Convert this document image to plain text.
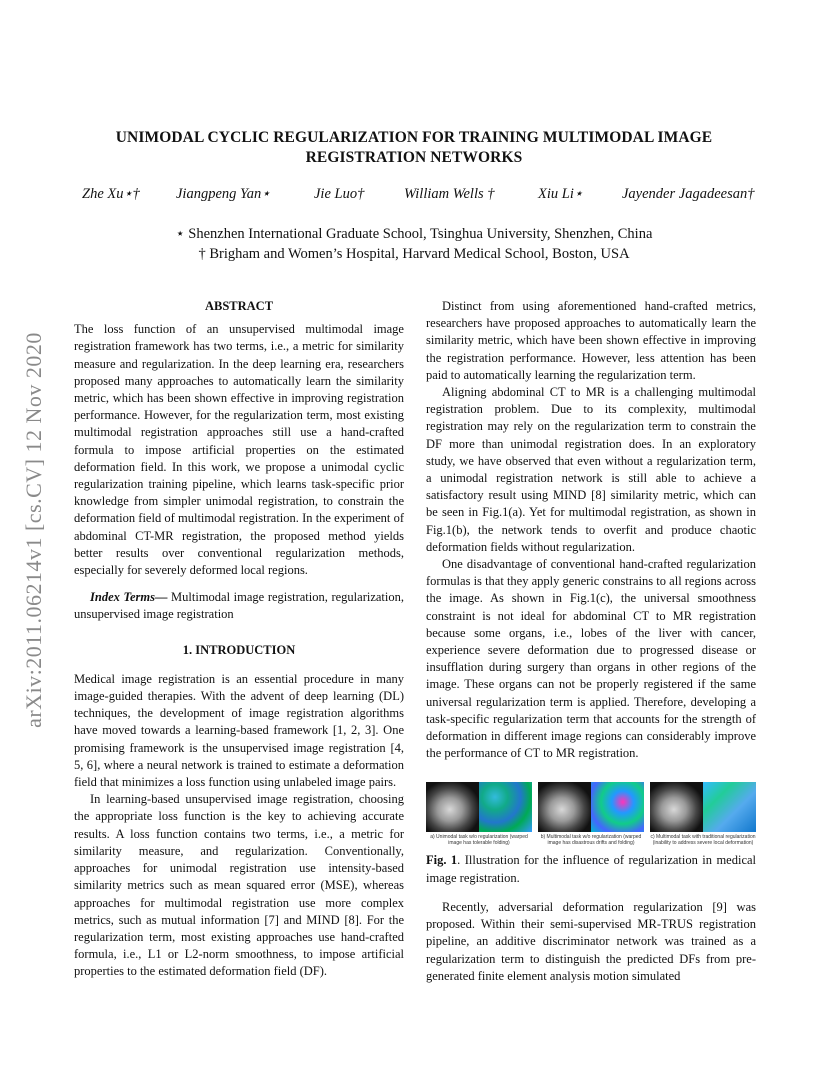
UNIMODAL CYCLIC REGULARIZATION FOR TRAINING MULTIMODAL IMAGE REGISTRATION NETWORKS
Zhe Xu⋆† Jiangpeng Yan⋆	Jie Luo†	William Wells †	Xiu Li⋆	Jayender Jagadeesan†
⋆ Shenzhen International Graduate School, Tsinghua University, Shenzhen, China
† Brigham and Women’s Hospital, Harvard Medical School, Boston, USA
arXiv:2011.06214v1 [cs.CV] 12 Nov 2020
ABSTRACT

The loss function of an unsupervised multimodal image registration framework has two terms, i.e., a metric for similarity measure and regularization. In the deep learning era, researchers proposed many approaches to automatically learn the similarity metric, which has been shown effective in improving registration performance. However, for the regularization term, most existing multimodal registration approaches still use a hand-crafted formula to impose artificial properties on the estimated deformation field. In this work, we propose a unimodal cyclic regularization training pipeline, which learns task-specific prior knowledge from simpler unimodal registration, to constrain the deformation field of multimodal registration. In the experiment of abdominal CT-MR registration, the proposed method yields better results over conventional regularization methods, especially for severely deformed local regions.

Index Terms— Multimodal image registration, regularization, unsupervised image registration

1. INTRODUCTION

Medical image registration is an essential procedure in many image-guided therapies. With the advent of deep learning (DL) techniques, the development of image registration algorithms have moved towards a learning-based framework [1, 2, 3]. One promising framework is the unsupervised image registration [4, 5, 6], where a neural network is trained to estimate a deformation field that minimizes a loss function using unlabeled image pairs.

In learning-based unsupervised image registration, choosing the appropriate loss function is the key to achieving accurate results. A loss function contains two terms, i.e., a metric for similarity measure, and regularization. Conventionally, approaches for unimodal registration use intensity-based similarity metrics such as mean squared error (MSE), whereas approaches for multimodal registration use more complex metrics, such as mutual information [7] and MIND [8]. For the regularization term, most existing approaches use hand-crafted formula, i.e., L1 or L2-norm smoothness, to impose artificial properties to the estimated deformation field (DF).

Distinct from using aforementioned hand-crafted metrics, researchers have proposed approaches to automatically learn the similarity metric, which have been shown effective in improving the registration performance. However, less attention has been paid to automatically learning the regularization term.

Aligning abdominal CT to MR is a challenging multimodal registration problem. Due to its complexity, multimodal registration may rely on the regularization term to constrain the DF more than unimodal registration does. In an exploratory study, we have observed that even without a regularization term, a unimodal registration network is still able to achieve a satisfactory result using MIND [8] similarity metric, which can be seen in Fig.1(a). Yet for multimodal registration, as shown in Fig.1(b), the network tends to overfit and produce chaotic deformation fields without regularization.

One disadvantage of conventional hand-crafted regularization formulas is that they apply generic constrains to all regions across the image. As shown in Fig.1(c), the universal smoothness constraint is not ideal for abdominal CT to MR registration because some organs, i.e., lobes of the liver with cancer, experience severe deformation due to progressed disease or insufflation during surgery than organs in other regions of the image. These organs can not be properly registered if the same universal regularization term is applied. Therefore, developing a task-specific regularization term that accounts for the strength of deformation in different image regions can considerably improve the performance of CT to MR registration.

a) Unimodal task w/o regularization (warped image has tolerable folding)
b) Multimodal task w/o regularization (warped image has disastrous drifts and folding)
c) Multimodal task with traditional regularization (inability to address severe local deformation)

Fig. 1. Illustration for the influence of regularization in medical image registration.

Recently, adversarial deformation regularization [9] was proposed. Within their semi-supervised MR-TRUS registration pipeline, an additive discriminator network was trained as a regularization term to distinguish the predicted DFs from pre-generated finite element analysis motion simulated
